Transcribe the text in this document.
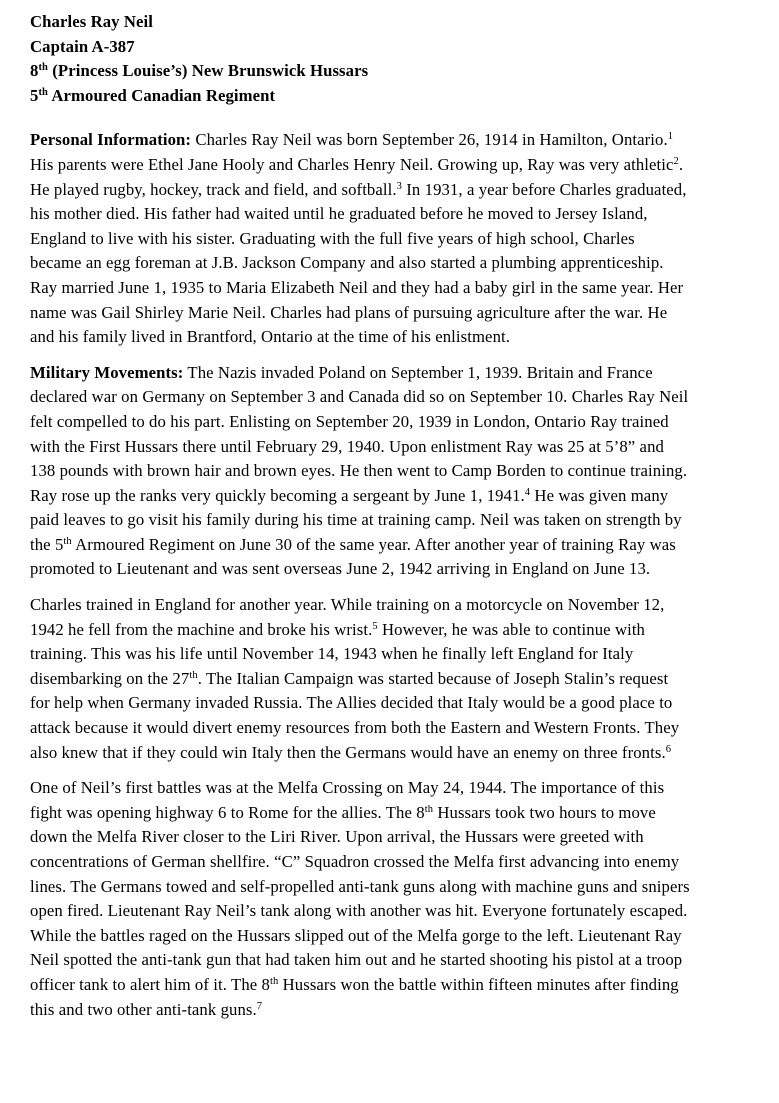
Charles Ray Neil
Captain A-387
8th (Princess Louise’s) New Brunswick Hussars
5th Armoured Canadian Regiment
Personal Information: Charles Ray Neil was born September 26, 1914 in Hamilton, Ontario.$^1$
His parents were Ethel Jane Hooly and Charles Henry Neil. Growing up, Ray was very athletic$^2$.
He played rugby, hockey, track and field, and softball.$^3$ In 1931, a year before Charles graduated,
his mother died. His father had waited until he graduated before he moved to Jersey Island,
England to live with his sister. Graduating with the full five years of high school, Charles
became an egg foreman at J.B. Jackson Company and also started a plumbing apprenticeship.
Ray married June 1, 1935 to Maria Elizabeth Neil and they had a baby girl in the same year. Her
name was Gail Shirley Marie Neil. Charles had plans of pursuing agriculture after the war. He
and his family lived in Brantford, Ontario at the time of his enlistment.
Military Movements: The Nazis invaded Poland on September 1, 1939. Britain and France
declared war on Germany on September 3 and Canada did so on September 10. Charles Ray Neil
felt compelled to do his part. Enlisting on September 20, 1939 in London, Ontario Ray trained
with the First Hussars there until February 29, 1940. Upon enlistment Ray was 25 at 5’8” and
138 pounds with brown hair and brown eyes. He then went to Camp Borden to continue training.
Ray rose up the ranks very quickly becoming a sergeant by June 1, 1941.$^4$ He was given many
paid leaves to go visit his family during his time at training camp. Neil was taken on strength by
the 5th Armoured Regiment on June 30 of the same year. After another year of training Ray was
promoted to Lieutenant and was sent overseas June 2, 1942 arriving in England on June 13.
Charles trained in England for another year. While training on a motorcycle on November 12,
1942 he fell from the machine and broke his wrist.$^5$ However, he was able to continue with
training. This was his life until November 14, 1943 when he finally left England for Italy
disembarking on the 27th. The Italian Campaign was started because of Joseph Stalin’s request
for help when Germany invaded Russia. The Allies decided that Italy would be a good place to
attack because it would divert enemy resources from both the Eastern and Western Fronts. They
also knew that if they could win Italy then the Germans would have an enemy on three fronts.$^6$
One of Neil’s first battles was at the Melfa Crossing on May 24, 1944. The importance of this
fight was opening highway 6 to Rome for the allies. The 8th Hussars took two hours to move
down the Melfa River closer to the Liri River. Upon arrival, the Hussars were greeted with
concentrations of German shellfire. “C” Squadron crossed the Melfa first advancing into enemy
lines. The Germans towed and self-propelled anti-tank guns along with machine guns and snipers
open fired. Lieutenant Ray Neil’s tank along with another was hit. Everyone fortunately escaped.
While the battles raged on the Hussars slipped out of the Melfa gorge to the left. Lieutenant Ray
Neil spotted the anti-tank gun that had taken him out and he started shooting his pistol at a troop
officer tank to alert him of it. The 8th Hussars won the battle within fifteen minutes after finding
this and two other anti-tank guns.$^7$
